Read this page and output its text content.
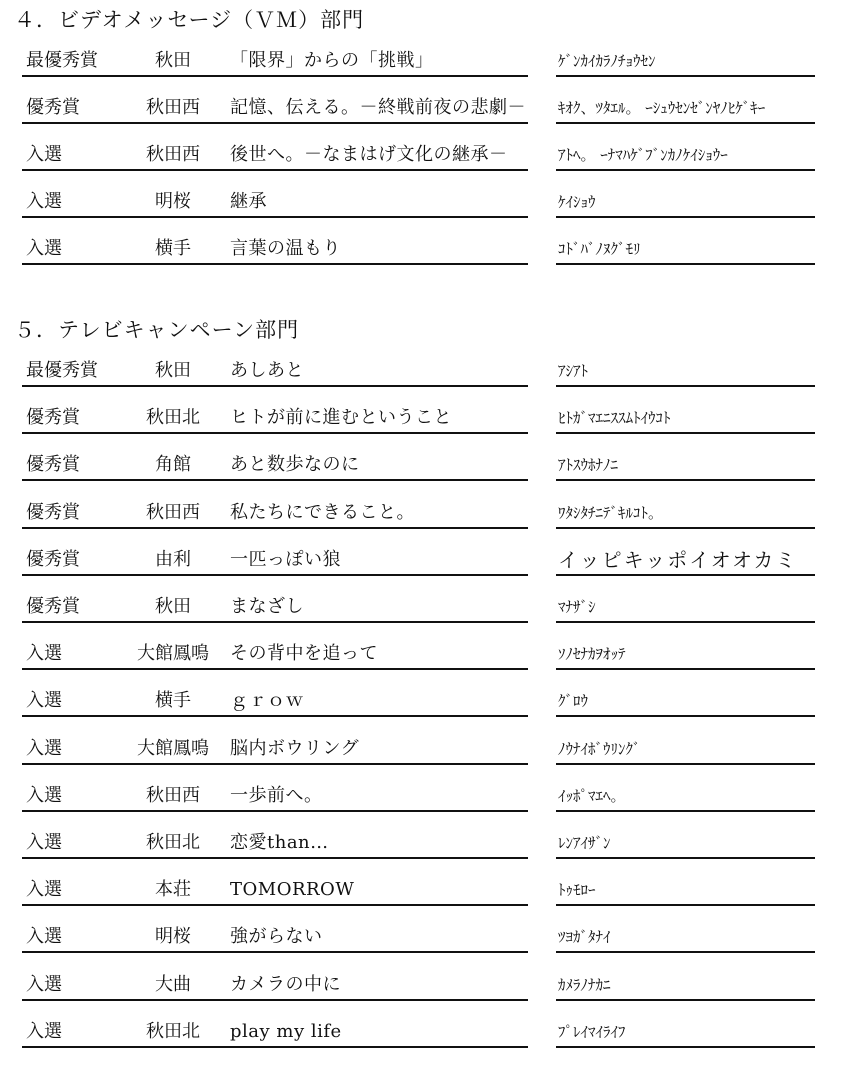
４．ビデオメッセージ（ＶＭ）部門
最優秀賞	秋田	「限界」からの「挑戦」	ｹﾞﾝｶｲｶﾗﾉﾁｮｳｾﾝ
優秀賞	秋田西	記憶、伝える。－終戦前夜の悲劇－ ｷｵｸ、ﾂﾀｴﾙ。 ｰｼｭｳｾﾝｾﾞﾝﾔﾉﾋｹﾞｷｰ
入選	秋田西	後世へ。－なまはげ文化の継承－	ｱﾄﾍ。 ｰﾅﾏﾊｹﾞﾌﾞﾝｶﾉｹｲｼｮｳｰ
入選	明桜	継承	ｹｲｼｮｳ
入選	横手	言葉の温もり	ｺﾄﾞﾊﾞﾉﾇｸﾞﾓﾘ
５．テレビキャンペーン部門
最優秀賞	秋田	あしあと	ｱｼｱﾄ
優秀賞	秋田北	ヒトが前に進むということ	ﾋﾄｶﾞﾏｴﾆｽｽﾑﾄｲｳｺﾄ
優秀賞	角館	あと数歩なのに	ｱﾄｽｳﾎﾅﾉﾆ
優秀賞	秋田西	私たちにできること。	ﾜﾀｼﾀﾁﾆﾃﾞｷﾙｺﾄ。
優秀賞	由利	一匹っぽい狼	イッピキッポイオオカミ
優秀賞	秋田	まなざし	ﾏﾅｻﾞｼ
入選	大館鳳鳴	その背中を追って	ｿﾉｾﾅｶｦｵｯﾃ
入選	横手	ｇｒｏｗ	ｸﾞﾛｳ
入選	大館鳳鳴	脳内ボウリング	ﾉｳﾅｲﾎﾞｳﾘﾝｸﾞ
入選	秋田西	一歩前へ。	ｲｯﾎﾟﾏｴﾍ。
入選	秋田北	恋愛than…	ﾚﾝｱｲｻﾞﾝ
入選	本荘	TOMORROW	ﾄｩﾓﾛｰ
入選	明桜	強がらない	ﾂﾖｶﾞﾀﾅｲ
入選	大曲	カメラの中に	ｶﾒﾗﾉﾅｶﾆ
入選	秋田北	play my life	ﾌﾟﾚｲﾏｲﾗｲﾌ
